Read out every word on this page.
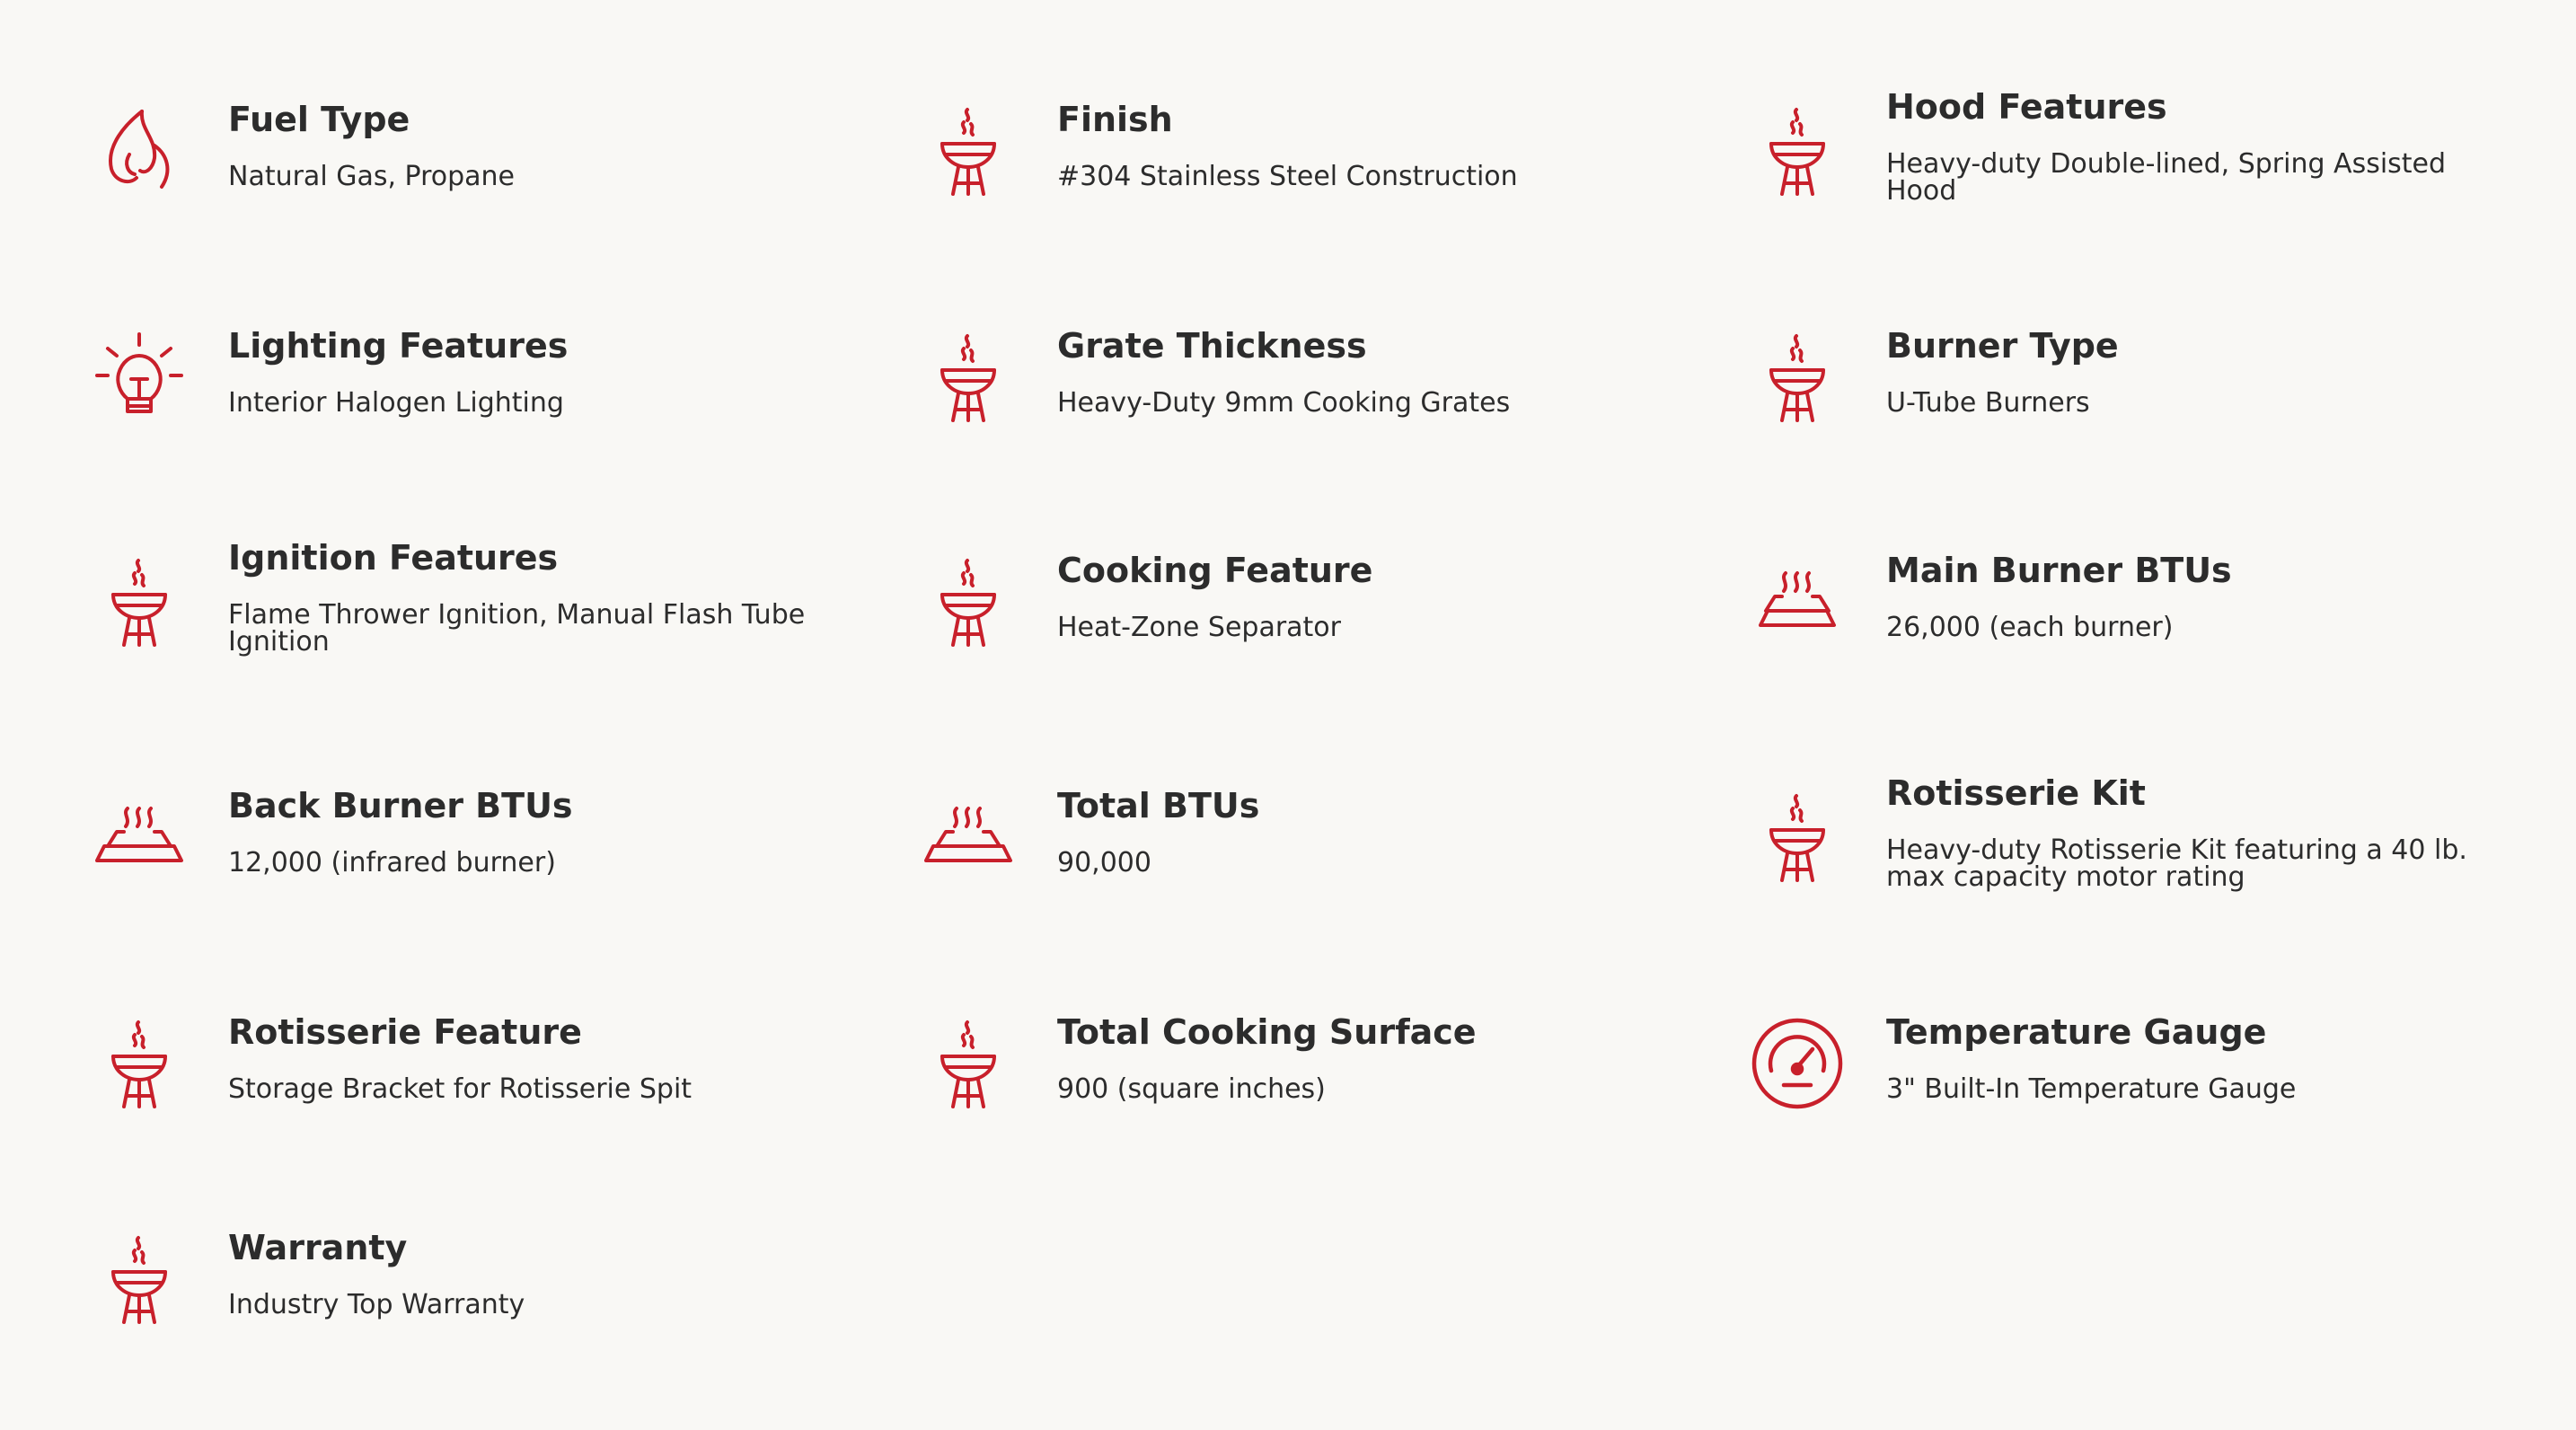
Fuel Type
Natural Gas, Propane
Finish
#304 Stainless Steel Construction
Hood Features
Heavy-duty Double-lined, Spring Assisted Hood
Lighting Features
Interior Halogen Lighting
Grate Thickness
Heavy-Duty 9mm Cooking Grates
Burner Type
U-Tube Burners
Ignition Features
Flame Thrower Ignition, Manual Flash Tube Ignition
Cooking Feature
Heat-Zone Separator
Main Burner BTUs
26,000 (each burner)
Back Burner BTUs
12,000 (infrared burner)
Total BTUs
90,000
Rotisserie Kit
Heavy-duty Rotisserie Kit featuring a 40 lb. max capacity motor rating
Rotisserie Feature
Storage Bracket for Rotisserie Spit
Total Cooking Surface
900 (square inches)
Temperature Gauge
3" Built-In Temperature Gauge
Warranty
Industry Top Warranty
